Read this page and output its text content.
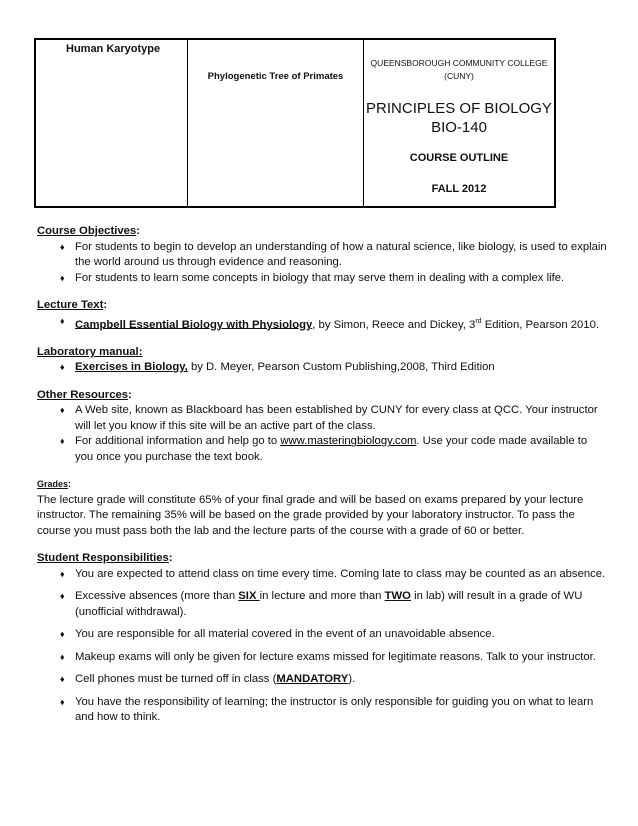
Human Karyotype
Phylogenetic Tree of Primates
QUEENSBOROUGH COMMUNITY COLLEGE
(CUNY)
PRINCIPLES OF BIOLOGY
BIO-140
COURSE OUTLINE
FALL 2012
Course Objectives:
♦ For students to begin to develop an understanding of how a natural science, like biology, is used to explain the world around us through evidence and reasoning.
♦ For students to learn some concepts in biology that may serve them in dealing with a complex life.
Lecture Text:
♦ Campbell Essential Biology with Physiology, by Simon, Reece and Dickey, 3rd Edition, Pearson 2010.
Laboratory manual:
♦ Exercises in Biology, by D. Meyer, Pearson Custom Publishing,2008, Third Edition
Other Resources:
♦ A Web site, known as Blackboard has been established by CUNY for every class at QCC. Your instructor will let you know if this site will be an active part of the class.
♦ For additional information and help go to www.masteringbiology.com. Use your code made available to you once you purchase the text book.
Grades:
The lecture grade will constitute 65% of your final grade and will be based on exams prepared by your lecture instructor. The remaining 35% will be based on the grade provided by your laboratory instructor. To pass the course you must pass both the lab and the lecture parts of the course with a grade of 60 or better.
Student Responsibilities:
♦ You are expected to attend class on time every time. Coming late to class may be counted as an absence.
♦ Excessive absences (more than SIX in lecture and more than TWO in lab) will result in a grade of WU (unofficial withdrawal).
♦ You are responsible for all material covered in the event of an unavoidable absence.
♦ Makeup exams will only be given for lecture exams missed for legitimate reasons. Talk to your instructor.
♦ Cell phones must be turned off in class (MANDATORY).
♦ You have the responsibility of learning; the instructor is only responsible for guiding you on what to learn and how to think.
